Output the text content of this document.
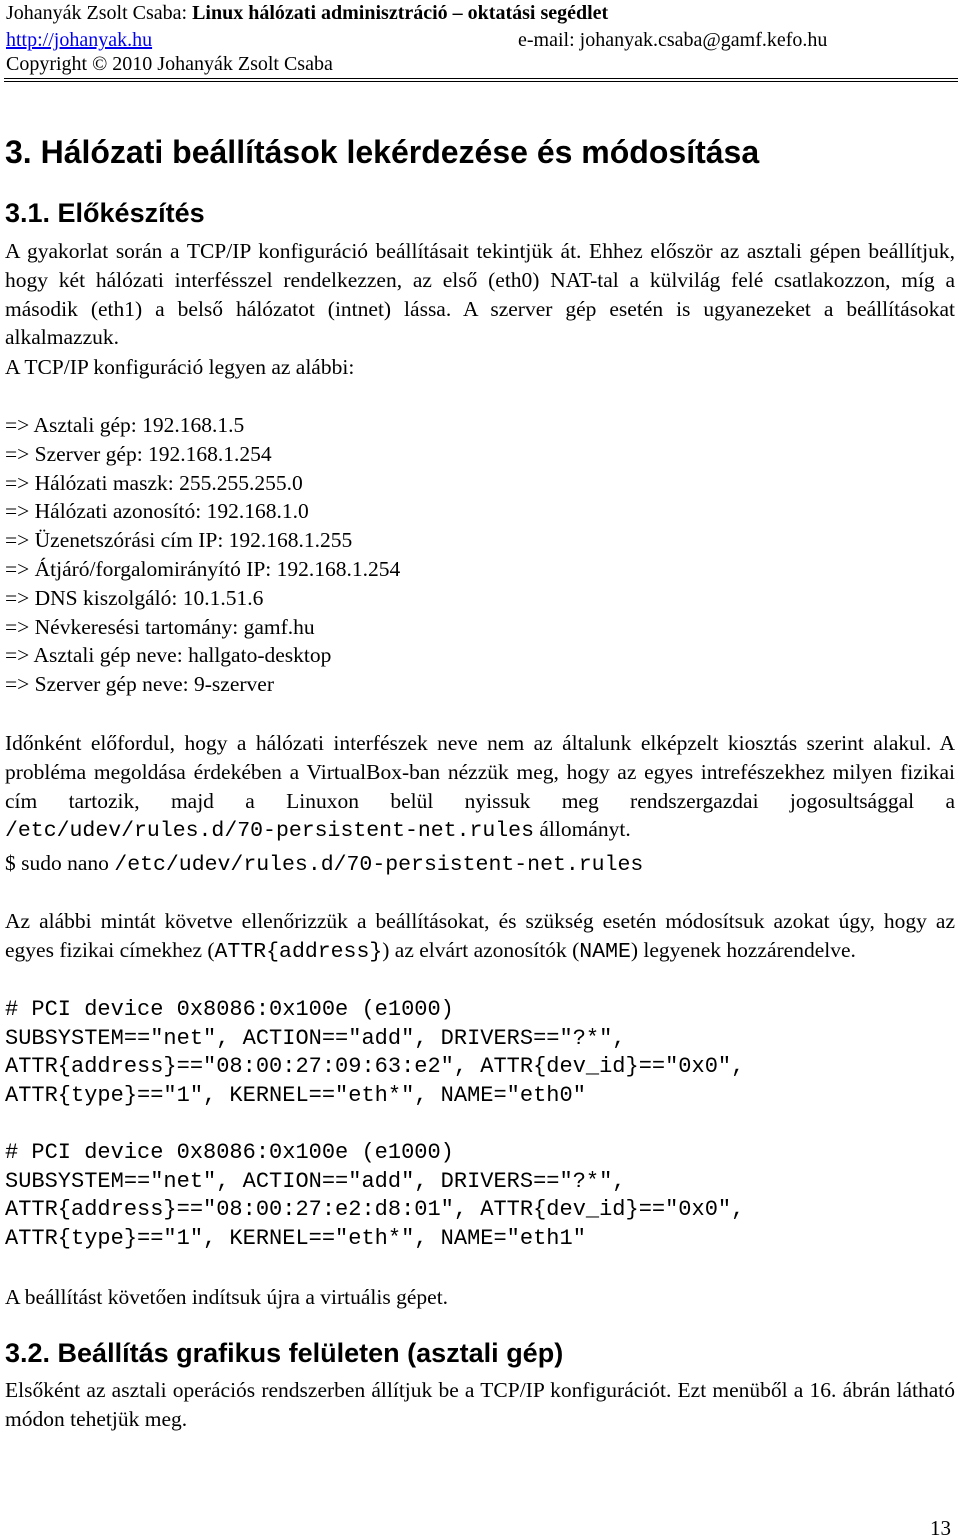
Johanyák Zsolt Csaba: Linux hálózati adminisztráció – oktatási segédlet
http://johanyak.hu	e-mail: johanyak.csaba@gamf.kefo.hu
Copyright © 2010 Johanyák Zsolt Csaba
3. Hálózati beállítások lekérdezése és módosítása
3.1. Előkészítés
A gyakorlat során a TCP/IP konfiguráció beállításait tekintjük át. Ehhez először az asztali gépen beállítjuk, hogy két hálózati interfésszel rendelkezzen, az első (eth0) NAT-tal a külvilág felé csatlakozzon, míg a második (eth1) a belső hálózatot (intnet) lássa. A szerver gép esetén is ugyanezeket a beállításokat alkalmazzuk.
A TCP/IP konfiguráció legyen az alábbi:
=> Asztali gép: 192.168.1.5
=> Szerver gép: 192.168.1.254
=> Hálózati maszk: 255.255.255.0
=> Hálózati azonosító: 192.168.1.0
=> Üzenetszórási cím IP: 192.168.1.255
=> Átjáró/forgalomirányító IP: 192.168.1.254
=> DNS kiszolgáló: 10.1.51.6
=> Névkeresési tartomány: gamf.hu
=> Asztali gép neve: hallgato-desktop
=> Szerver gép neve: 9-szerver
Időnként előfordul, hogy a hálózati interfészek neve nem az általunk elképzelt kiosztás szerint alakul. A probléma megoldása érdekében a VirtualBox-ban nézzük meg, hogy az egyes intrefészekhez milyen fizikai cím tartozik, majd a Linuxon belül nyissuk meg rendszergazdai jogosultsággal a /etc/udev/rules.d/70-persistent-net.rules állományt.
$ sudo nano /etc/udev/rules.d/70-persistent-net.rules
Az alábbi mintát követve ellenőrizzük a beállításokat, és szükség esetén módosítsuk azokat úgy, hogy az egyes fizikai címekhez (ATTR{address}) az elvárt azonosítók (NAME) legyenek hozzárendelve.
# PCI device 0x8086:0x100e (e1000)
SUBSYSTEM=="net", ACTION=="add", DRIVERS=="?*",
ATTR{address}=="08:00:27:09:63:e2", ATTR{dev_id}=="0x0",
ATTR{type}=="1", KERNEL=="eth*", NAME="eth0"
# PCI device 0x8086:0x100e (e1000)
SUBSYSTEM=="net", ACTION=="add", DRIVERS=="?*",
ATTR{address}=="08:00:27:e2:d8:01", ATTR{dev_id}=="0x0",
ATTR{type}=="1", KERNEL=="eth*", NAME="eth1"
A beállítást követően indítsuk újra a virtuális gépet.
3.2. Beállítás grafikus felületen (asztali gép)
Elsőként az asztali operációs rendszerben állítjuk be a TCP/IP konfigurációt. Ezt menüből a 16. ábrán látható módon tehetjük meg.
13
